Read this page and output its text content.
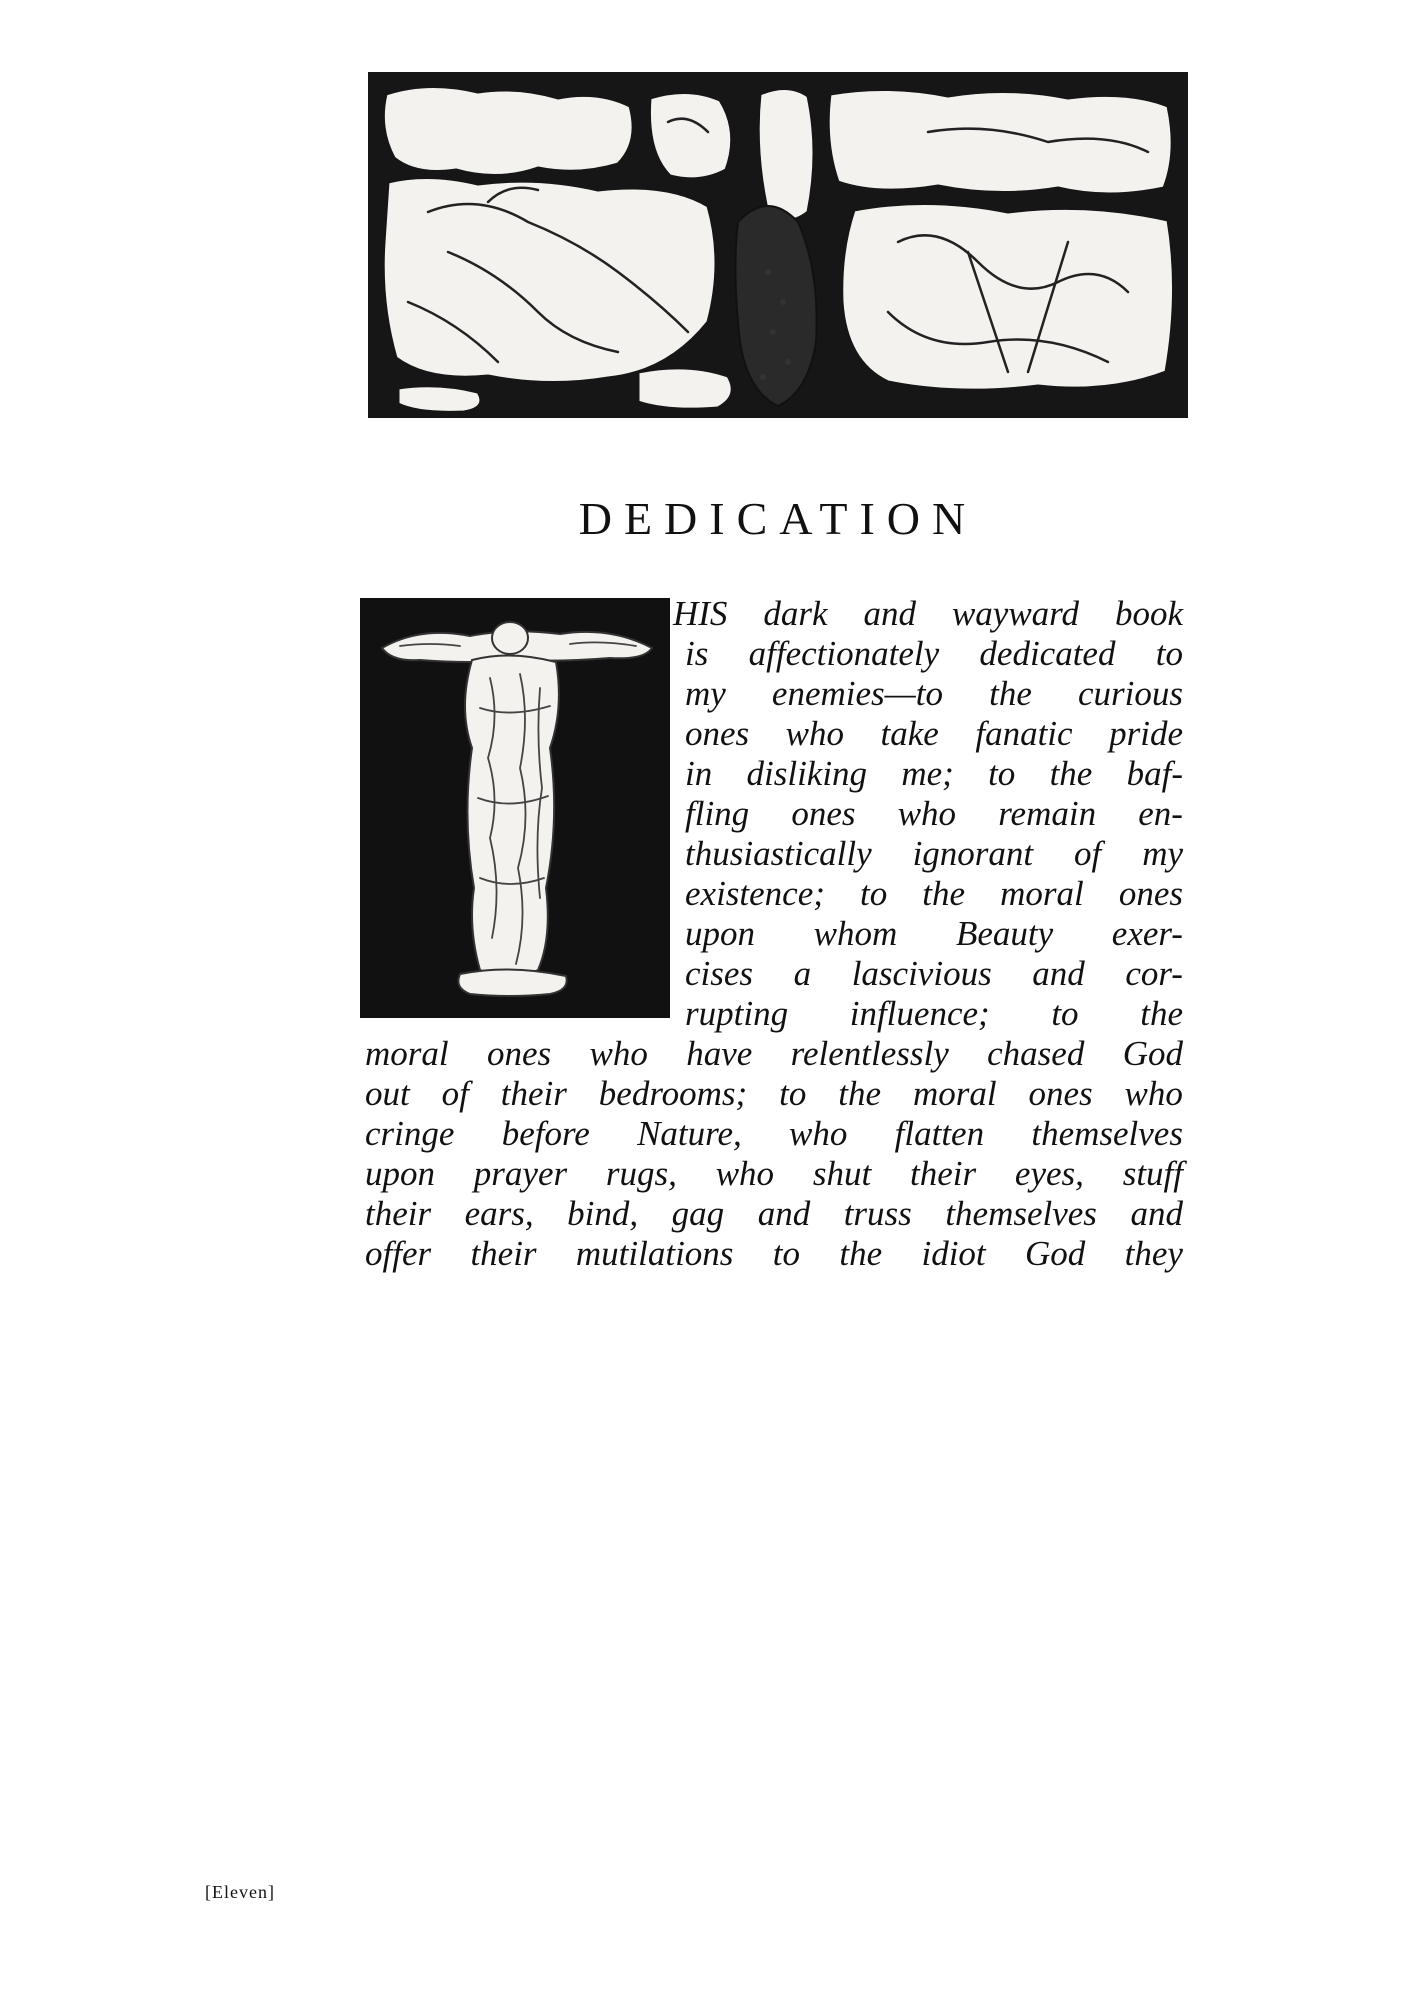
DEDICATION
HIS dark and wayward book
is affectionately dedicated to
my enemies—to the curious
ones who take fanatic pride
in disliking me; to the baf-
fling ones who remain en-
thusiastically ignorant of my
existence; to the moral ones
upon whom Beauty exer-
cises a lascivious and cor-
rupting influence; to the
moral ones who have relentlessly chased God
out of their bedrooms; to the moral ones who
cringe before Nature, who flatten themselves
upon prayer rugs, who shut their eyes, stuff
their ears, bind, gag and truss themselves and
offer their mutilations to the idiot God they
[Eleven]
